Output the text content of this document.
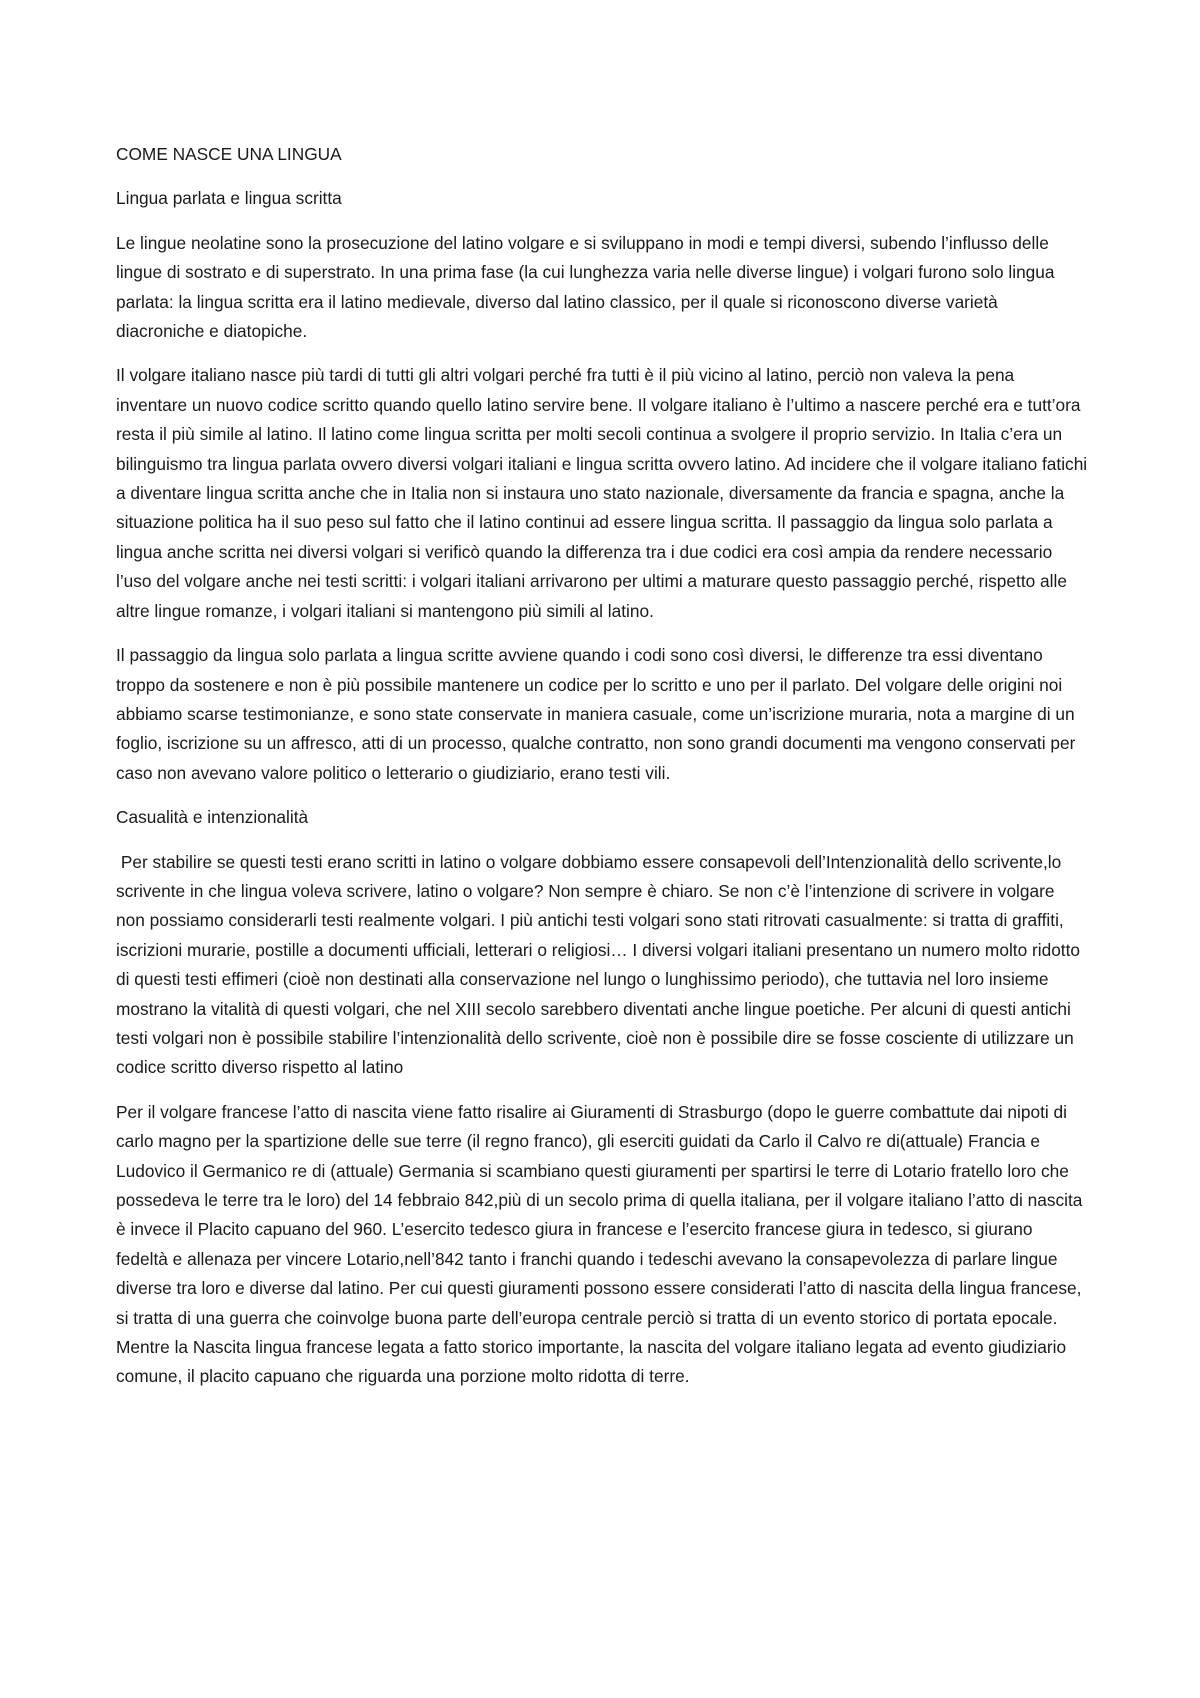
COME NASCE UNA LINGUA

Lingua parlata e lingua scritta

Le lingue neolatine sono la prosecuzione del latino volgare e si sviluppano in modi e tempi diversi, subendo l’influsso delle lingue di sostrato e di superstrato. In una prima fase (la cui lunghezza varia nelle diverse lingue) i volgari furono solo lingua parlata: la lingua scritta era il latino medievale, diverso dal latino classico, per il quale si riconoscono diverse varietà diacroniche e diatopiche.

Il volgare italiano nasce più tardi di tutti gli altri volgari perché fra tutti è il più vicino al latino, perciò non valeva la pena inventare un nuovo codice scritto quando quello latino servire bene. Il volgare italiano è l’ultimo a nascere perché era e tutt’ora resta il più simile al latino. Il latino come lingua scritta per molti secoli continua a svolgere il proprio servizio. In Italia c’era un bilinguismo tra lingua parlata ovvero diversi volgari italiani e lingua scritta ovvero latino. Ad incidere che il volgare italiano fatichi a diventare lingua scritta anche che in Italia non si instaura uno stato nazionale, diversamente da francia e spagna, anche la situazione politica ha il suo peso sul fatto che il latino continui ad essere lingua scritta. Il passaggio da lingua solo parlata a lingua anche scritta nei diversi volgari si verificò quando la differenza tra i due codici era così ampia da rendere necessario l’uso del volgare anche nei testi scritti: i volgari italiani arrivarono per ultimi a maturare questo passaggio perché, rispetto alle altre lingue romanze, i volgari italiani si mantengono più simili al latino.

Il passaggio da lingua solo parlata a lingua scritte avviene quando i codi sono così diversi, le differenze tra essi diventano troppo da sostenere e non è più possibile mantenere un codice per lo scritto e uno per il parlato. Del volgare delle origini noi abbiamo scarse testimonianze, e sono state conservate in maniera casuale, come un’iscrizione muraria, nota a margine di un foglio, iscrizione su un affresco, atti di un processo, qualche contratto, non sono grandi documenti ma vengono conservati per caso non avevano valore politico o letterario o giudiziario, erano testi vili.

Casualità e intenzionalità

Per stabilire se questi testi erano scritti in latino o volgare dobbiamo essere consapevoli dell’Intenzionalità dello scrivente,lo scrivente in che lingua voleva scrivere, latino o volgare? Non sempre è chiaro. Se non c’è l’intenzione di scrivere in volgare non possiamo considerarli testi realmente volgari. I più antichi testi volgari sono stati ritrovati casualmente: si tratta di graffiti, iscrizioni murarie, postille a documenti ufficiali, letterari o religiosi… I diversi volgari italiani presentano un numero molto ridotto di questi testi effimeri (cioè non destinati alla conservazione nel lungo o lunghissimo periodo), che tuttavia nel loro insieme mostrano la vitalità di questi volgari, che nel XIII secolo sarebbero diventati anche lingue poetiche. Per alcuni di questi antichi testi volgari non è possibile stabilire l’intenzionalità dello scrivente, cioè non è possibile dire se fosse cosciente di utilizzare un codice scritto diverso rispetto al latino

Per il volgare francese l’atto di nascita viene fatto risalire ai Giuramenti di Strasburgo (dopo le guerre combattute dai nipoti di carlo magno per la spartizione delle sue terre (il regno franco), gli eserciti guidati da Carlo il Calvo re di(attuale) Francia e Ludovico il Germanico re di (attuale) Germania si scambiano questi giuramenti per spartirsi le terre di Lotario fratello loro che possedeva le terre tra le loro) del 14 febbraio 842,più di un secolo prima di quella italiana, per il volgare italiano l’atto di nascita è invece il Placito capuano del 960. L’esercito tedesco giura in francese e l’esercito francese giura in tedesco, si giurano fedeltà e allenaza per vincere Lotario,nell’842 tanto i franchi quando i tedeschi avevano la consapevolezza di parlare lingue diverse tra loro e diverse dal latino. Per cui questi giuramenti possono essere considerati l’atto di nascita della lingua francese, si tratta di una guerra che coinvolge buona parte dell’europa centrale perciò si tratta di un evento storico di portata epocale. Mentre la Nascita lingua francese legata a fatto storico importante, la nascita del volgare italiano legata ad evento giudiziario comune, il placito capuano che riguarda una porzione molto ridotta di terre.
